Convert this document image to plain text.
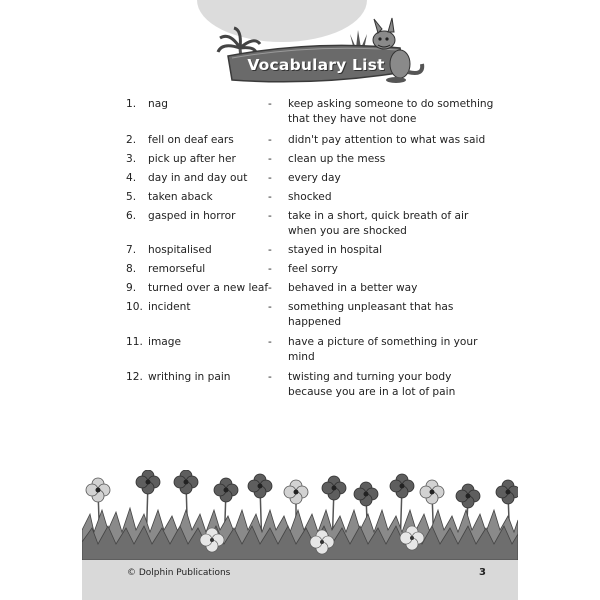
Vocabulary List
1.	nag	-	keep asking someone to do something that they have not done
2.	fell on deaf ears	-	didn't pay attention to what was said
3.	pick up after her	-	clean up the mess
4.	day in and day out	-	every day
5.	taken aback	-	shocked
6.	gasped in horror	-	take in a short, quick breath of air when you are shocked
7.	hospitalised	-	stayed in hospital
8.	remorseful	-	feel sorry
9.	turned over a new leaf -	behaved in a better way
10. incident	-	something unpleasant that has happened
11. image	-	have a picture of something in your mind
12. writhing in pain	-	twisting and turning your body because you are in a lot of pain
© Dolphin Publications	3
